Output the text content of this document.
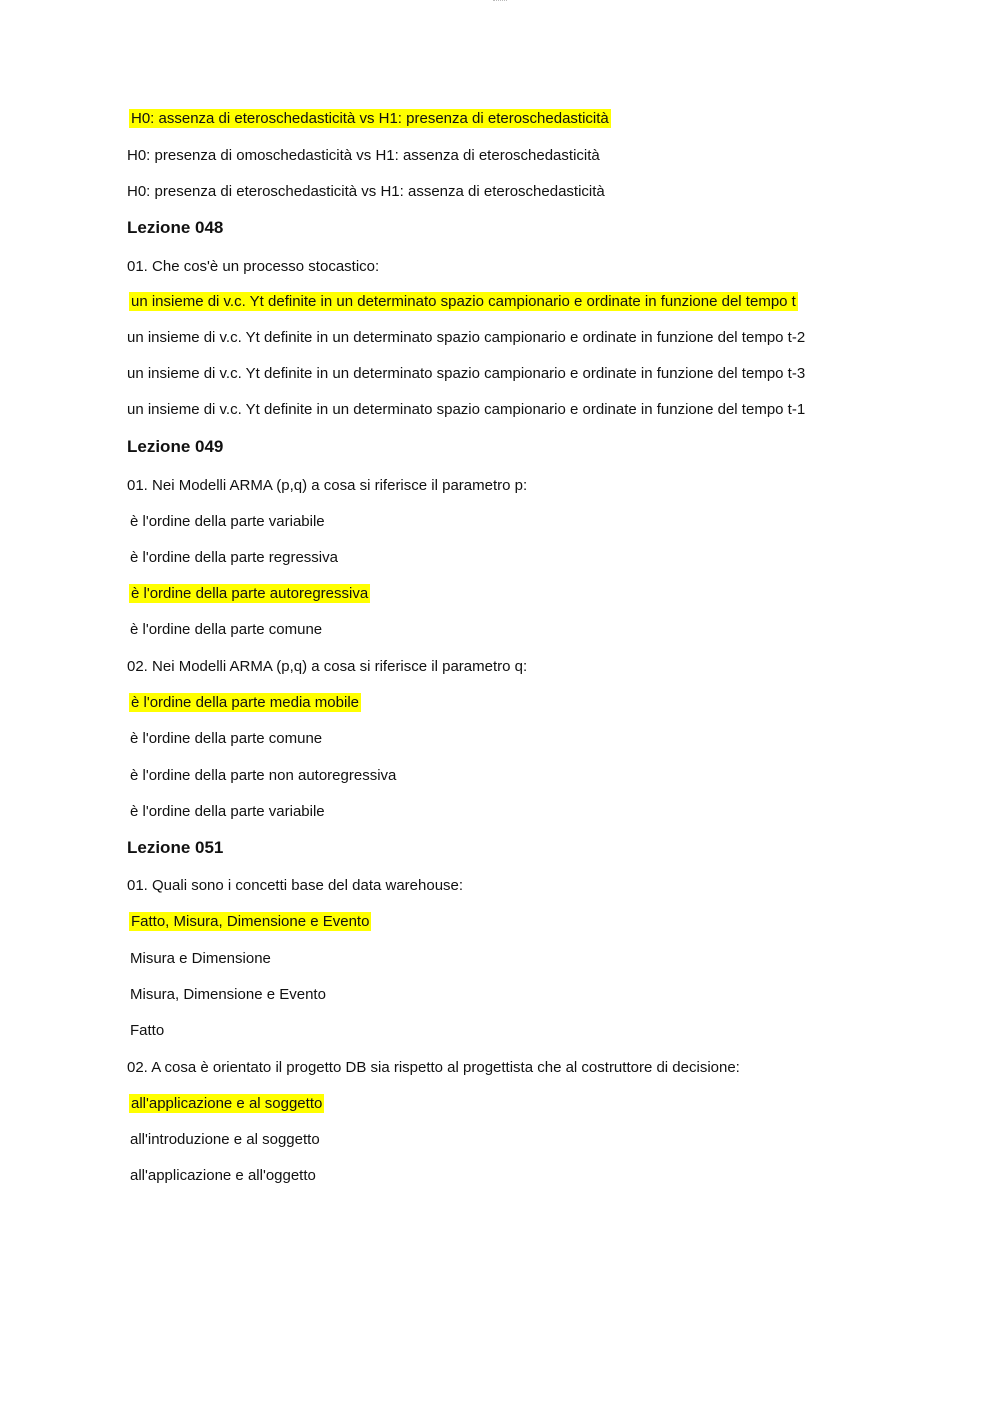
H0: assenza di eteroschedasticità vs H1: presenza di eteroschedasticità
H0: presenza di omoschedasticità vs H1: assenza di eteroschedasticità
H0: presenza di eteroschedasticità vs H1: assenza di eteroschedasticità
Lezione 048
01. Che cos'è un processo stocastico:
un insieme di v.c. Yt definite in un determinato spazio campionario e ordinate in funzione del tempo t
un insieme di v.c. Yt definite in un determinato spazio campionario e ordinate in funzione del tempo t-2
un insieme di v.c. Yt definite in un determinato spazio campionario e ordinate in funzione del tempo t-3
un insieme di v.c. Yt definite in un determinato spazio campionario e ordinate in funzione del tempo t-1
Lezione 049
01. Nei Modelli ARMA (p,q) a cosa si riferisce il parametro p:
è l'ordine della parte variabile
è l'ordine della parte regressiva
è l'ordine della parte autoregressiva
è l'ordine della parte comune
02. Nei Modelli ARMA (p,q) a cosa si riferisce il parametro q:
è l'ordine della parte media mobile
è l'ordine della parte comune
è l'ordine della parte non autoregressiva
è l'ordine della parte variabile
Lezione 051
01. Quali sono i concetti base del data warehouse:
Fatto, Misura, Dimensione e Evento
Misura e Dimensione
Misura, Dimensione e Evento
Fatto
02. A cosa è orientato il progetto DB sia rispetto al progettista che al costruttore di decisione:
all'applicazione e al soggetto
all'introduzione e al soggetto
all'applicazione e all'oggetto
